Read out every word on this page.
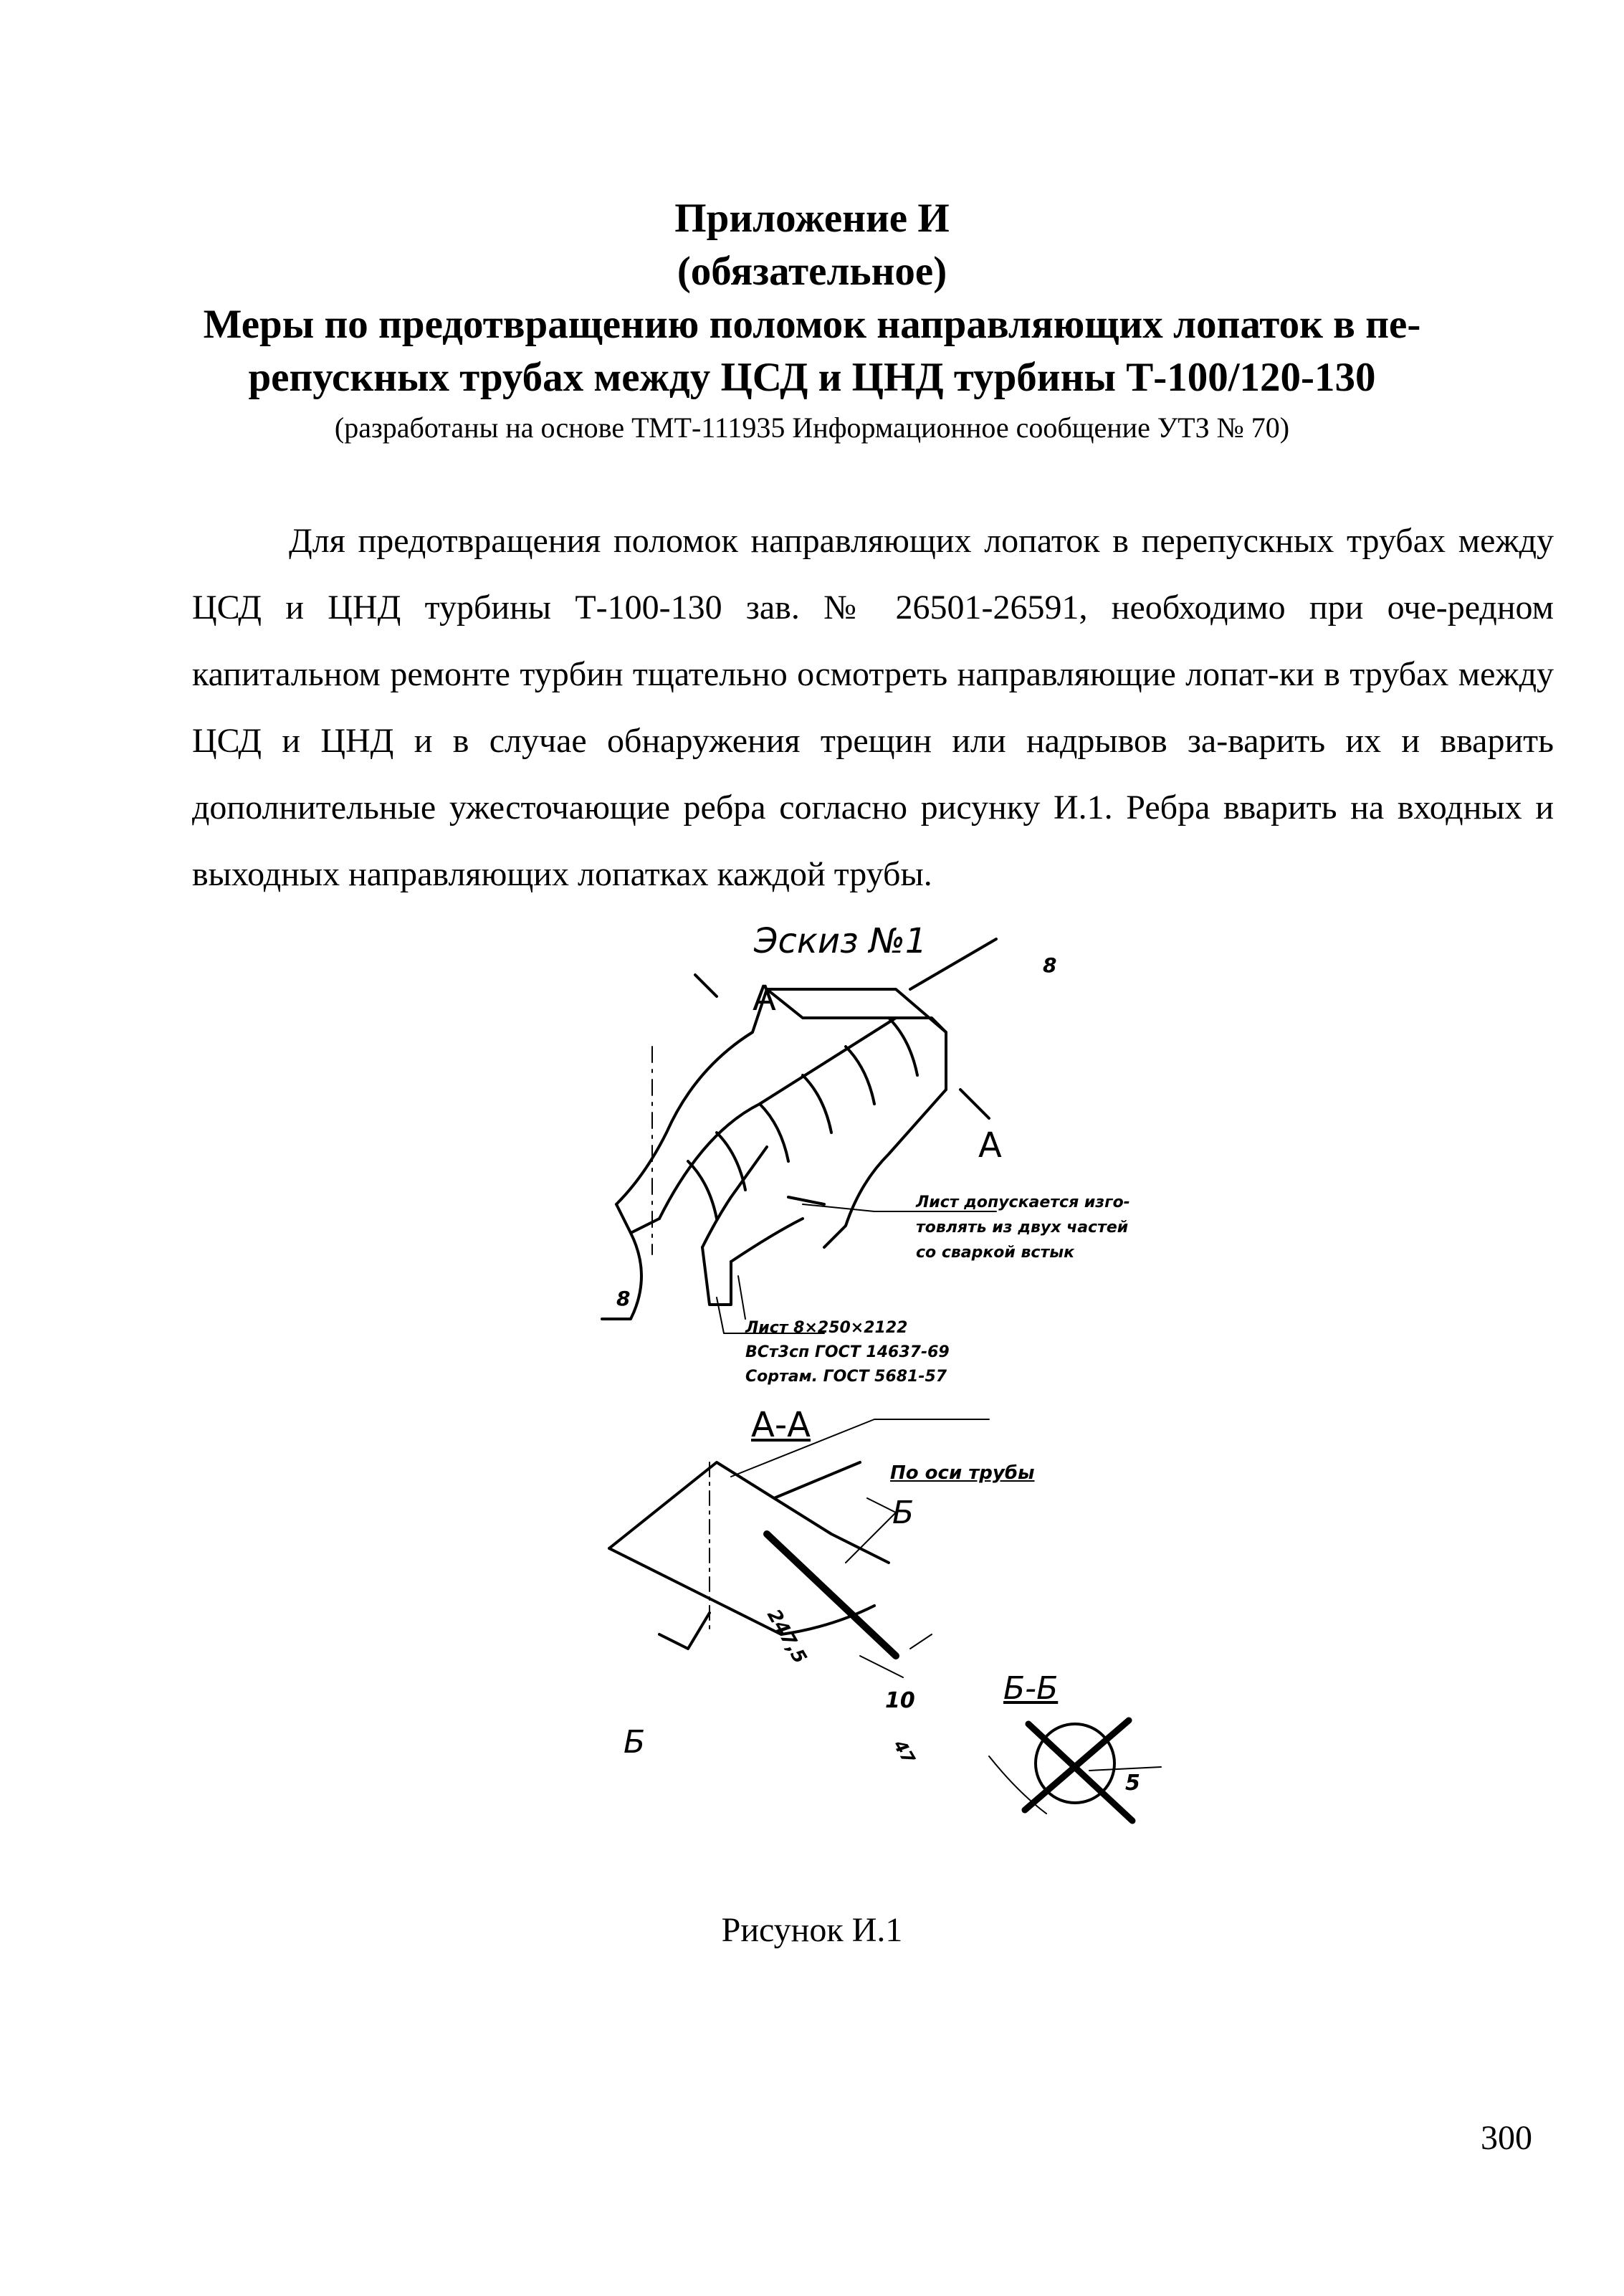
Приложение И
(обязательное)
Меры по предотвращению поломок направляющих лопаток в пе-
репускных трубах между ЦСД и ЦНД турбины Т-100/120-130
(разработаны на основе ТМТ-111935 Информационное сообщение УТЗ № 70)

Для предотвращения поломок направляющих лопаток в перепускных трубах между ЦСД и ЦНД турбины Т-100-130 зав. № 26501-26591, необходимо при оче-редном капитальном ремонте турбин тщательно осмотреть направляющие лопат-ки в трубах между ЦСД и ЦНД и в случае обнаружения трещин или надрывов за-варить их и вварить дополнительные ужесточающие ребра согласно рисунку И.1. Ребра вварить на входных и выходных направляющих лопатках каждой трубы.

Эскиз №1
А
А
8
8
Лист допускается изго-
товлять из двух частей
со сваркой встык
Лист 8×250×2122
ВСт3сп ГОСТ 14637-69
Сортам. ГОСТ 5681-57
А-А
По оси трубы
Б
Б
247,5
10
47
Б-Б
5
Рисунок И.1
300
